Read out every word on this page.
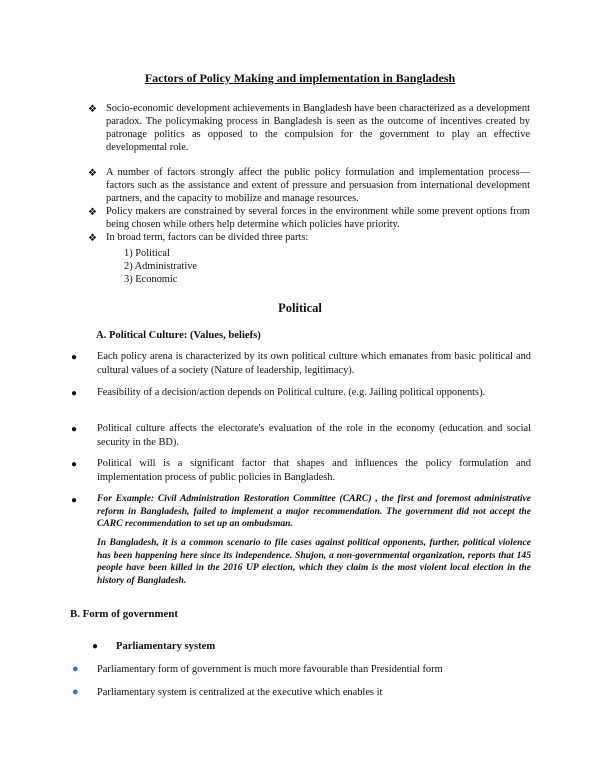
Factors of Policy Making and implementation in Bangladesh
❖ Socio-economic development achievements in Bangladesh have been characterized as a development paradox. The policymaking process in Bangladesh is seen as the outcome of incentives created by patronage politics as opposed to the compulsion for the government to play an effective developmental role.
❖ A number of factors strongly affect the public policy formulation and implementation process—factors such as the assistance and extent of pressure and persuasion from international development partners, and the capacity to mobilize and manage resources.
❖ Policy makers are constrained by several forces in the environment while some prevent options from being chosen while others help determine which policies have priority.
❖ In broad term, factors can be divided three parts:
1) Political
2) Administrative
3) Economic
Political
A. Political Culture: (Values, beliefs)
● Each policy arena is characterized by its own political culture which emanates from basic political and cultural values of a society (Nature of leadership, legitimacy).
● Feasibility of a decision/action depends on Political culture. (e.g. Jailing political opponents).
● Political culture affects the electorate's evaluation of the role in the economy (education and social security in the BD).
● Political will is a significant factor that shapes and influences the policy formulation and implementation process of public policies in Bangladesh.
● For Example: Civil Administration Restoration Committee (CARC) , the first and foremost administrative reform in Bangladesh, failed to implement a major recommendation. The government did not accept the CARC recommendation to set up an ombudsman.
In Bangladesh, it is a common scenario to file cases against political opponents, further, political violence has been happening here since its independence. Shujon, a non-governmental organization, reports that 145 people have been killed in the 2016 UP election, which they claim is the most violent local election in the history of Bangladesh.
B. Form of government
● Parliamentary system
● Parliamentary form of government is much more favourable than Presidential form
● Parliamentary system is centralized at the executive which enables it
